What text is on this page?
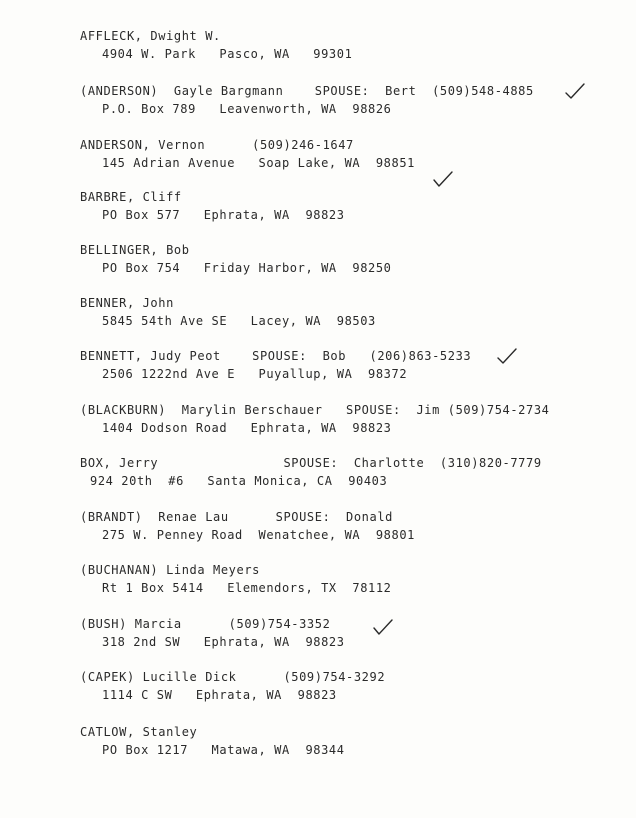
AFFLECK, Dwight W.
4904 W. Park   Pasco, WA   99301
(ANDERSON)  Gayle Bargmann    SPOUSE:  Bert  (509)548-4885
P.O. Box 789   Leavenworth, WA  98826
ANDERSON, Vernon      (509)246-1647
145 Adrian Avenue   Soap Lake, WA  98851
BARBRE, Cliff
PO Box 577   Ephrata, WA  98823
BELLINGER, Bob
PO Box 754   Friday Harbor, WA  98250
BENNER, John
5845 54th Ave SE   Lacey, WA  98503
BENNETT, Judy Peot    SPOUSE:  Bob   (206)863-5233
2506 1222nd Ave E   Puyallup, WA  98372
(BLACKBURN)  Marylin Berschauer   SPOUSE:  Jim (509)754-2734
1404 Dodson Road   Ephrata, WA  98823
BOX, Jerry                SPOUSE:  Charlotte  (310)820-7779
924 20th  #6   Santa Monica, CA  90403
(BRANDT)  Renae Lau      SPOUSE:  Donald
275 W. Penney Road  Wenatchee, WA  98801
(BUCHANAN) Linda Meyers
Rt 1 Box 5414   Elemendors, TX  78112
(BUSH) Marcia      (509)754-3352
318 2nd SW   Ephrata, WA  98823
(CAPEK) Lucille Dick      (509)754-3292
1114 C SW   Ephrata, WA  98823
CATLOW, Stanley
PO Box 1217   Matawa, WA  98344
